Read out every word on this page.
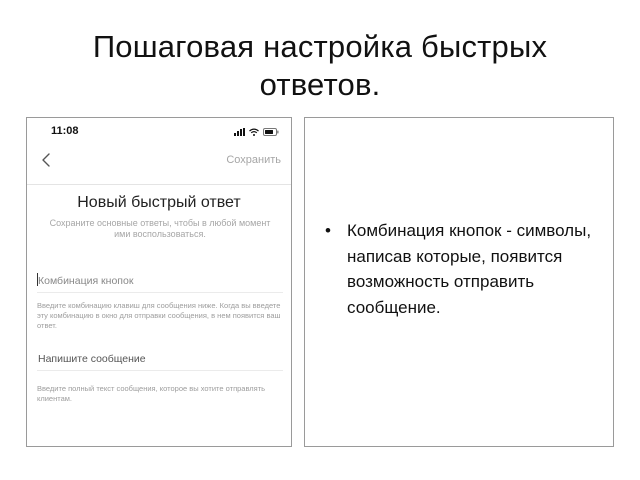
Пошаговая настройка быстрых ответов.
11:08
Сохранить
Новый быстрый ответ
Сохраните основные ответы, чтобы в любой момент ими воспользоваться.
Комбинация кнопок
Введите комбинацию клавиш для сообщения ниже. Когда вы введете эту комбинацию в окно для отправки сообщения, в нем появится ваш ответ.
Напишите сообщение
Введите полный текст сообщения, которое вы хотите отправлять клиентам.
• Комбинация кнопок - символы, написав которые, появится возможность отправить сообщение.
